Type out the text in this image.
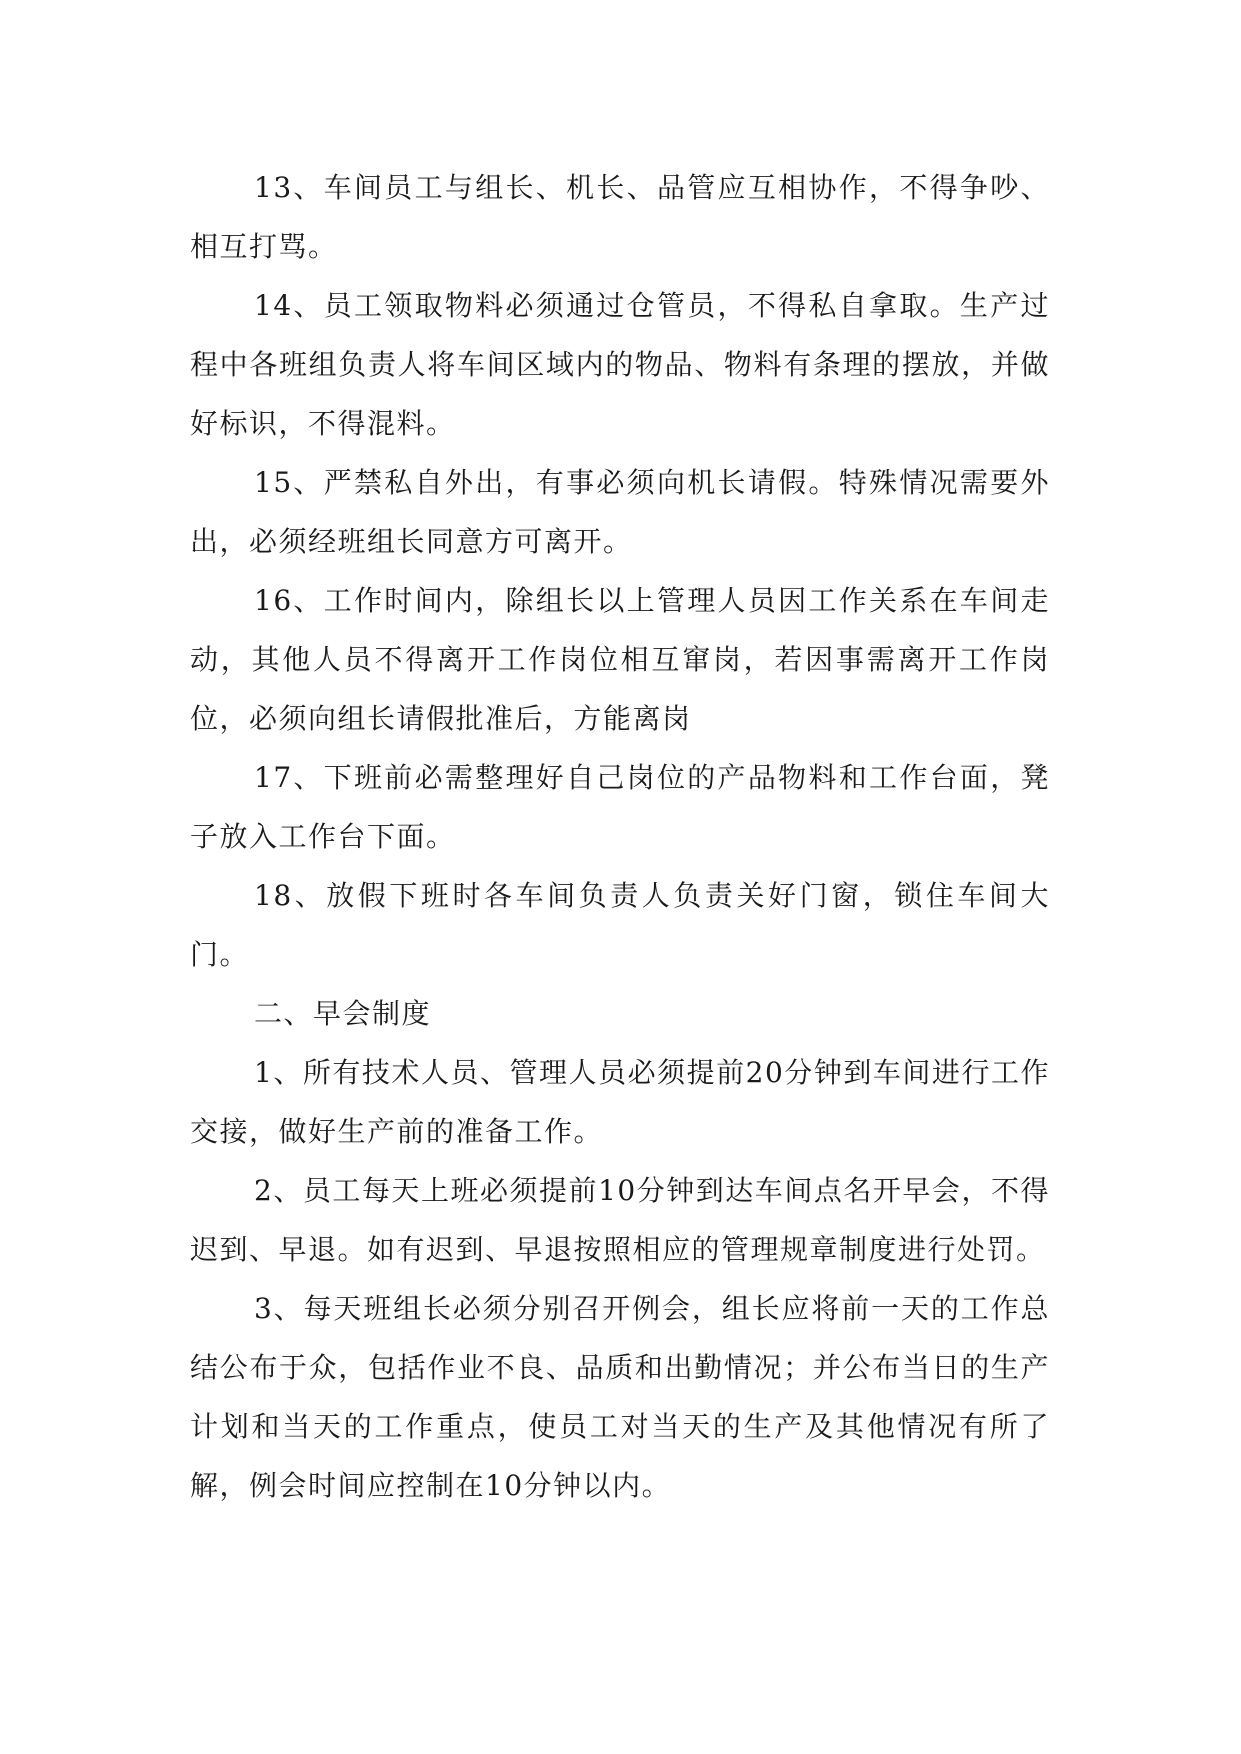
13、车间员工与组长、机长、品管应互相协作，不得争吵、相互打骂。

14、员工领取物料必须通过仓管员，不得私自拿取。生产过程中各班组负责人将车间区域内的物品、物料有条理的摆放，并做好标识，不得混料。

15、严禁私自外出，有事必须向机长请假。特殊情况需要外出，必须经班组长同意方可离开。

16、工作时间内，除组长以上管理人员因工作关系在车间走动，其他人员不得离开工作岗位相互窜岗，若因事需离开工作岗位，必须向组长请假批准后，方能离岗

17、下班前必需整理好自己岗位的产品物料和工作台面，凳子放入工作台下面。

18、放假下班时各车间负责人负责关好门窗，锁住车间大门。

二、早会制度

1、所有技术人员、管理人员必须提前20分钟到车间进行工作交接，做好生产前的准备工作。

2、员工每天上班必须提前10分钟到达车间点名开早会，不得迟到、早退。如有迟到、早退按照相应的管理规章制度进行处罚。

3、每天班组长必须分别召开例会，组长应将前一天的工作总结公布于众，包括作业不良、品质和出勤情况；并公布当日的生产计划和当天的工作重点，使员工对当天的生产及其他情况有所了解，例会时间应控制在10分钟以内。
